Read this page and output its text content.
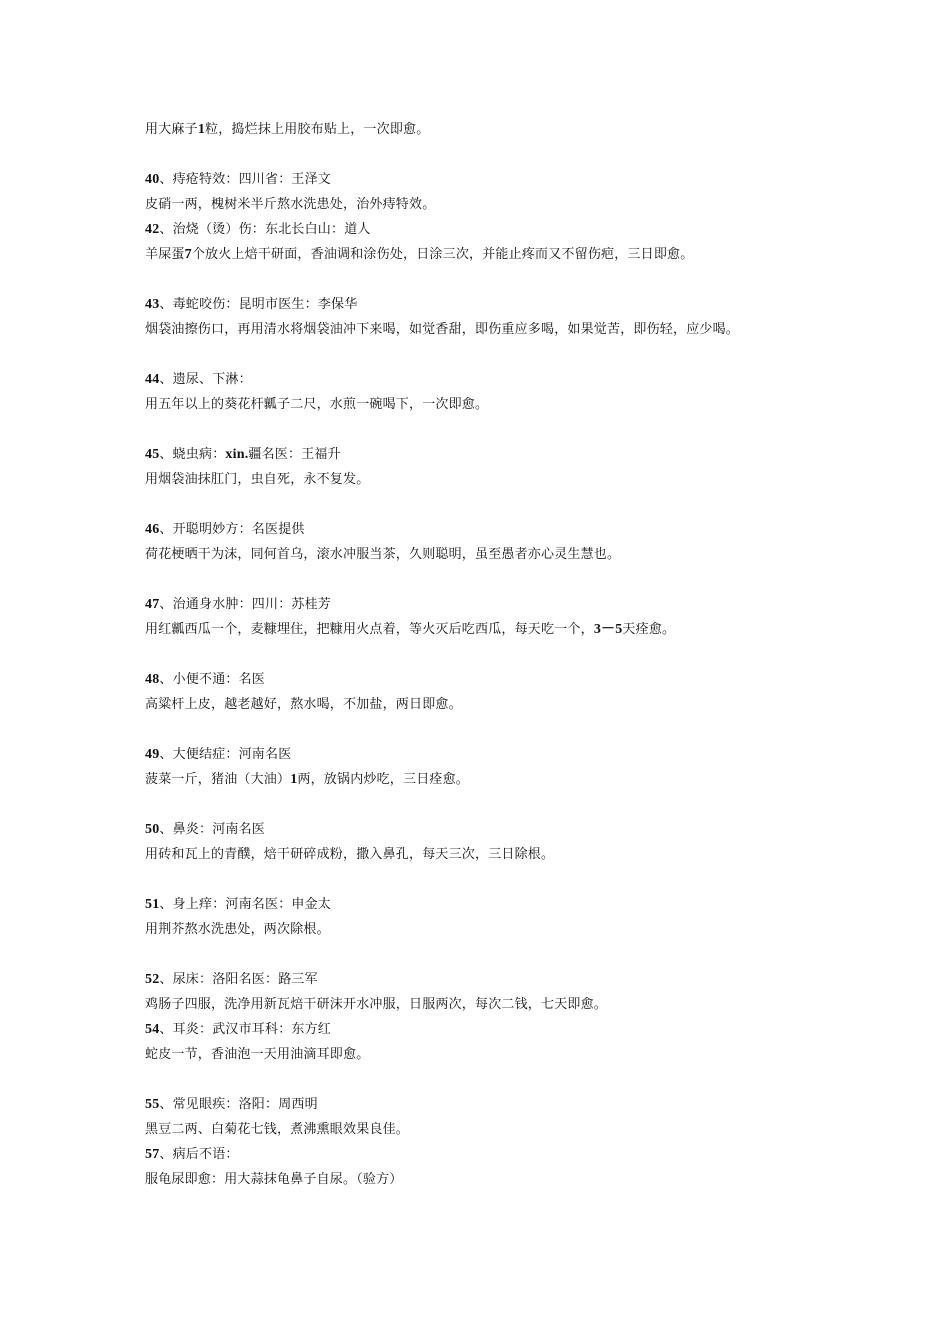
用大麻子1粒，捣烂抹上用胶布贴上，一次即愈。
40、痔疮特效：四川省：王泽文
皮硝一两，槐树米半斤熬水洗患处，治外痔特效。
42、治烧（烫）伤：东北长白山：道人
羊屎蛋7个放火上焙干研面，香油调和涂伤处，日涂三次，并能止疼而又不留伤疤，三日即愈。
43、毒蛇咬伤：昆明市医生：李保华
烟袋油擦伤口，再用清水将烟袋油冲下来喝，如觉香甜，即伤重应多喝，如果觉苦，即伤轻，应少喝。
44、遗尿、下淋：
用五年以上的葵花杆瓤子二尺，水煎一碗喝下，一次即愈。
45、蛲虫病：xin.疆名医：王福升
用烟袋油抹肛门，虫自死，永不复发。
46、开聪明妙方：名医提供
荷花梗晒干为沫，同何首乌，滚水冲服当茶，久则聪明，虽至愚者亦心灵生慧也。
47、治通身水肿：四川：苏桂芳
用红瓤西瓜一个，麦糠埋住，把糠用火点着，等火灭后吃西瓜，每天吃一个，3－5天痊愈。
48、小便不通：名医
高粱杆上皮，越老越好，熬水喝，不加盐，两日即愈。
49、大便结症：河南名医
菠菜一斤，猪油（大油）1两，放锅内炒吃，三日痊愈。
50、鼻炎：河南名医
用砖和瓦上的青醭，焙干研碎成粉，撒入鼻孔，每天三次，三日除根。
51、身上痒：河南名医：申金太
用荆芥熬水洗患处，两次除根。
52、尿床：洛阳名医：路三军
鸡肠子四服，洗净用新瓦焙干研沫开水冲服，日服两次，每次二钱，七天即愈。
54、耳炎：武汉市耳科：东方红
蛇皮一节，香油泡一天用油滴耳即愈。
55、常见眼疾：洛阳：周西明
黑豆二两、白菊花七钱，煮沸熏眼效果良佳。
57、病后不语：
服龟尿即愈：用大蒜抹龟鼻子自尿。（验方）
